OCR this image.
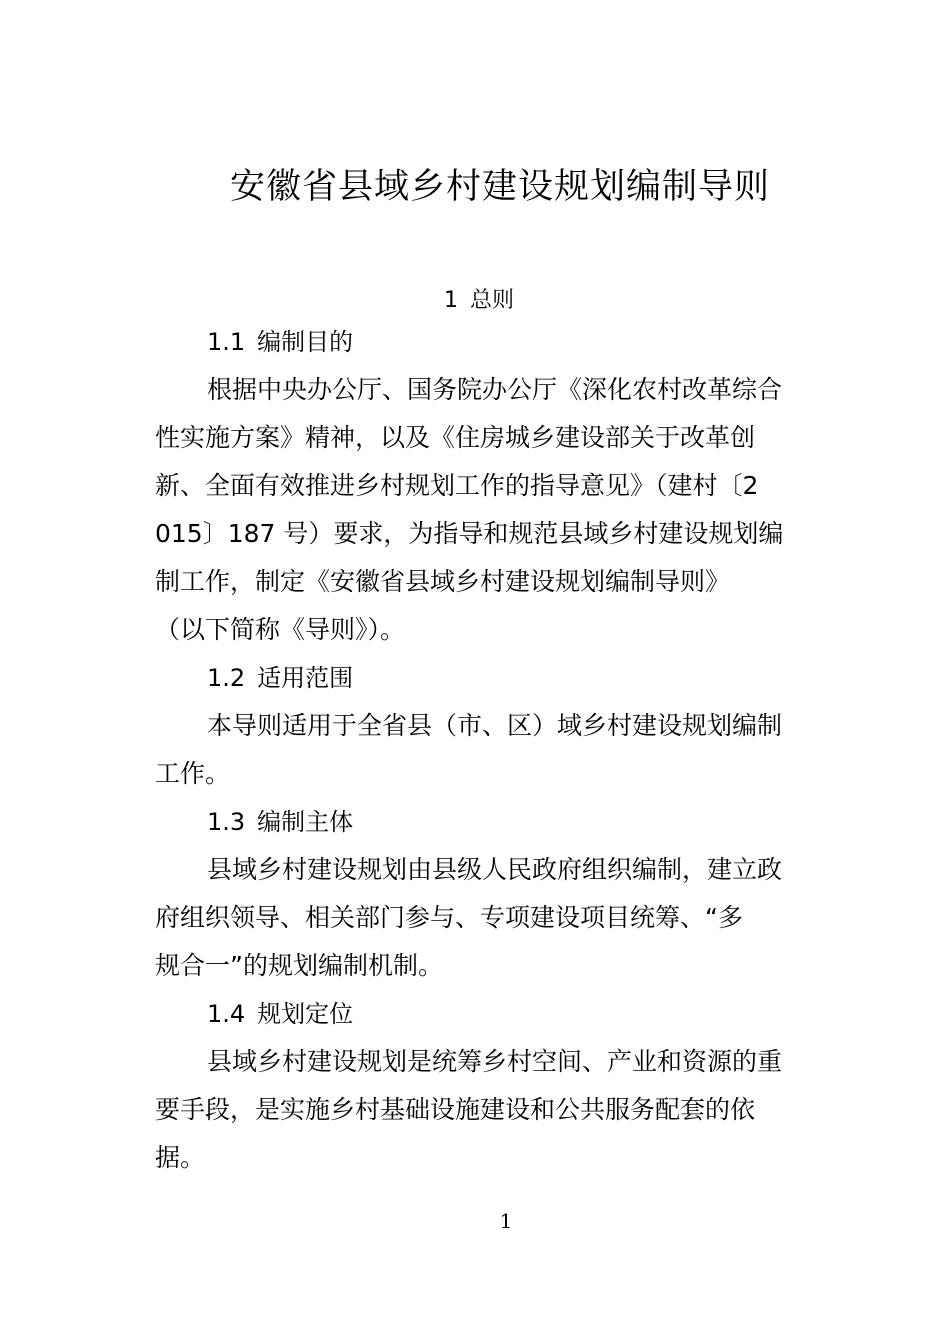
安徽省县域乡村建设规划编制导则
1 总则
1.1 编制目的
根据中央办公厅、国务院办公厅《深化农村改革综合
性实施方案》精神，以及《住房城乡建设部关于改革创
新、全面有效推进乡村规划工作的指导意见》（建村〔2
015〕187 号）要求，为指导和规范县域乡村建设规划编
制工作，制定《安徽省县域乡村建设规划编制导则》
（以下简称《导则》）。
1.2 适用范围
本导则适用于全省县（市、区）域乡村建设规划编制
工作。
1.3 编制主体
县域乡村建设规划由县级人民政府组织编制，建立政
府组织领导、相关部门参与、专项建设项目统筹、“多
规合一”的规划编制机制。
1.4 规划定位
县域乡村建设规划是统筹乡村空间、产业和资源的重
要手段，是实施乡村基础设施建设和公共服务配套的依
据。
1
